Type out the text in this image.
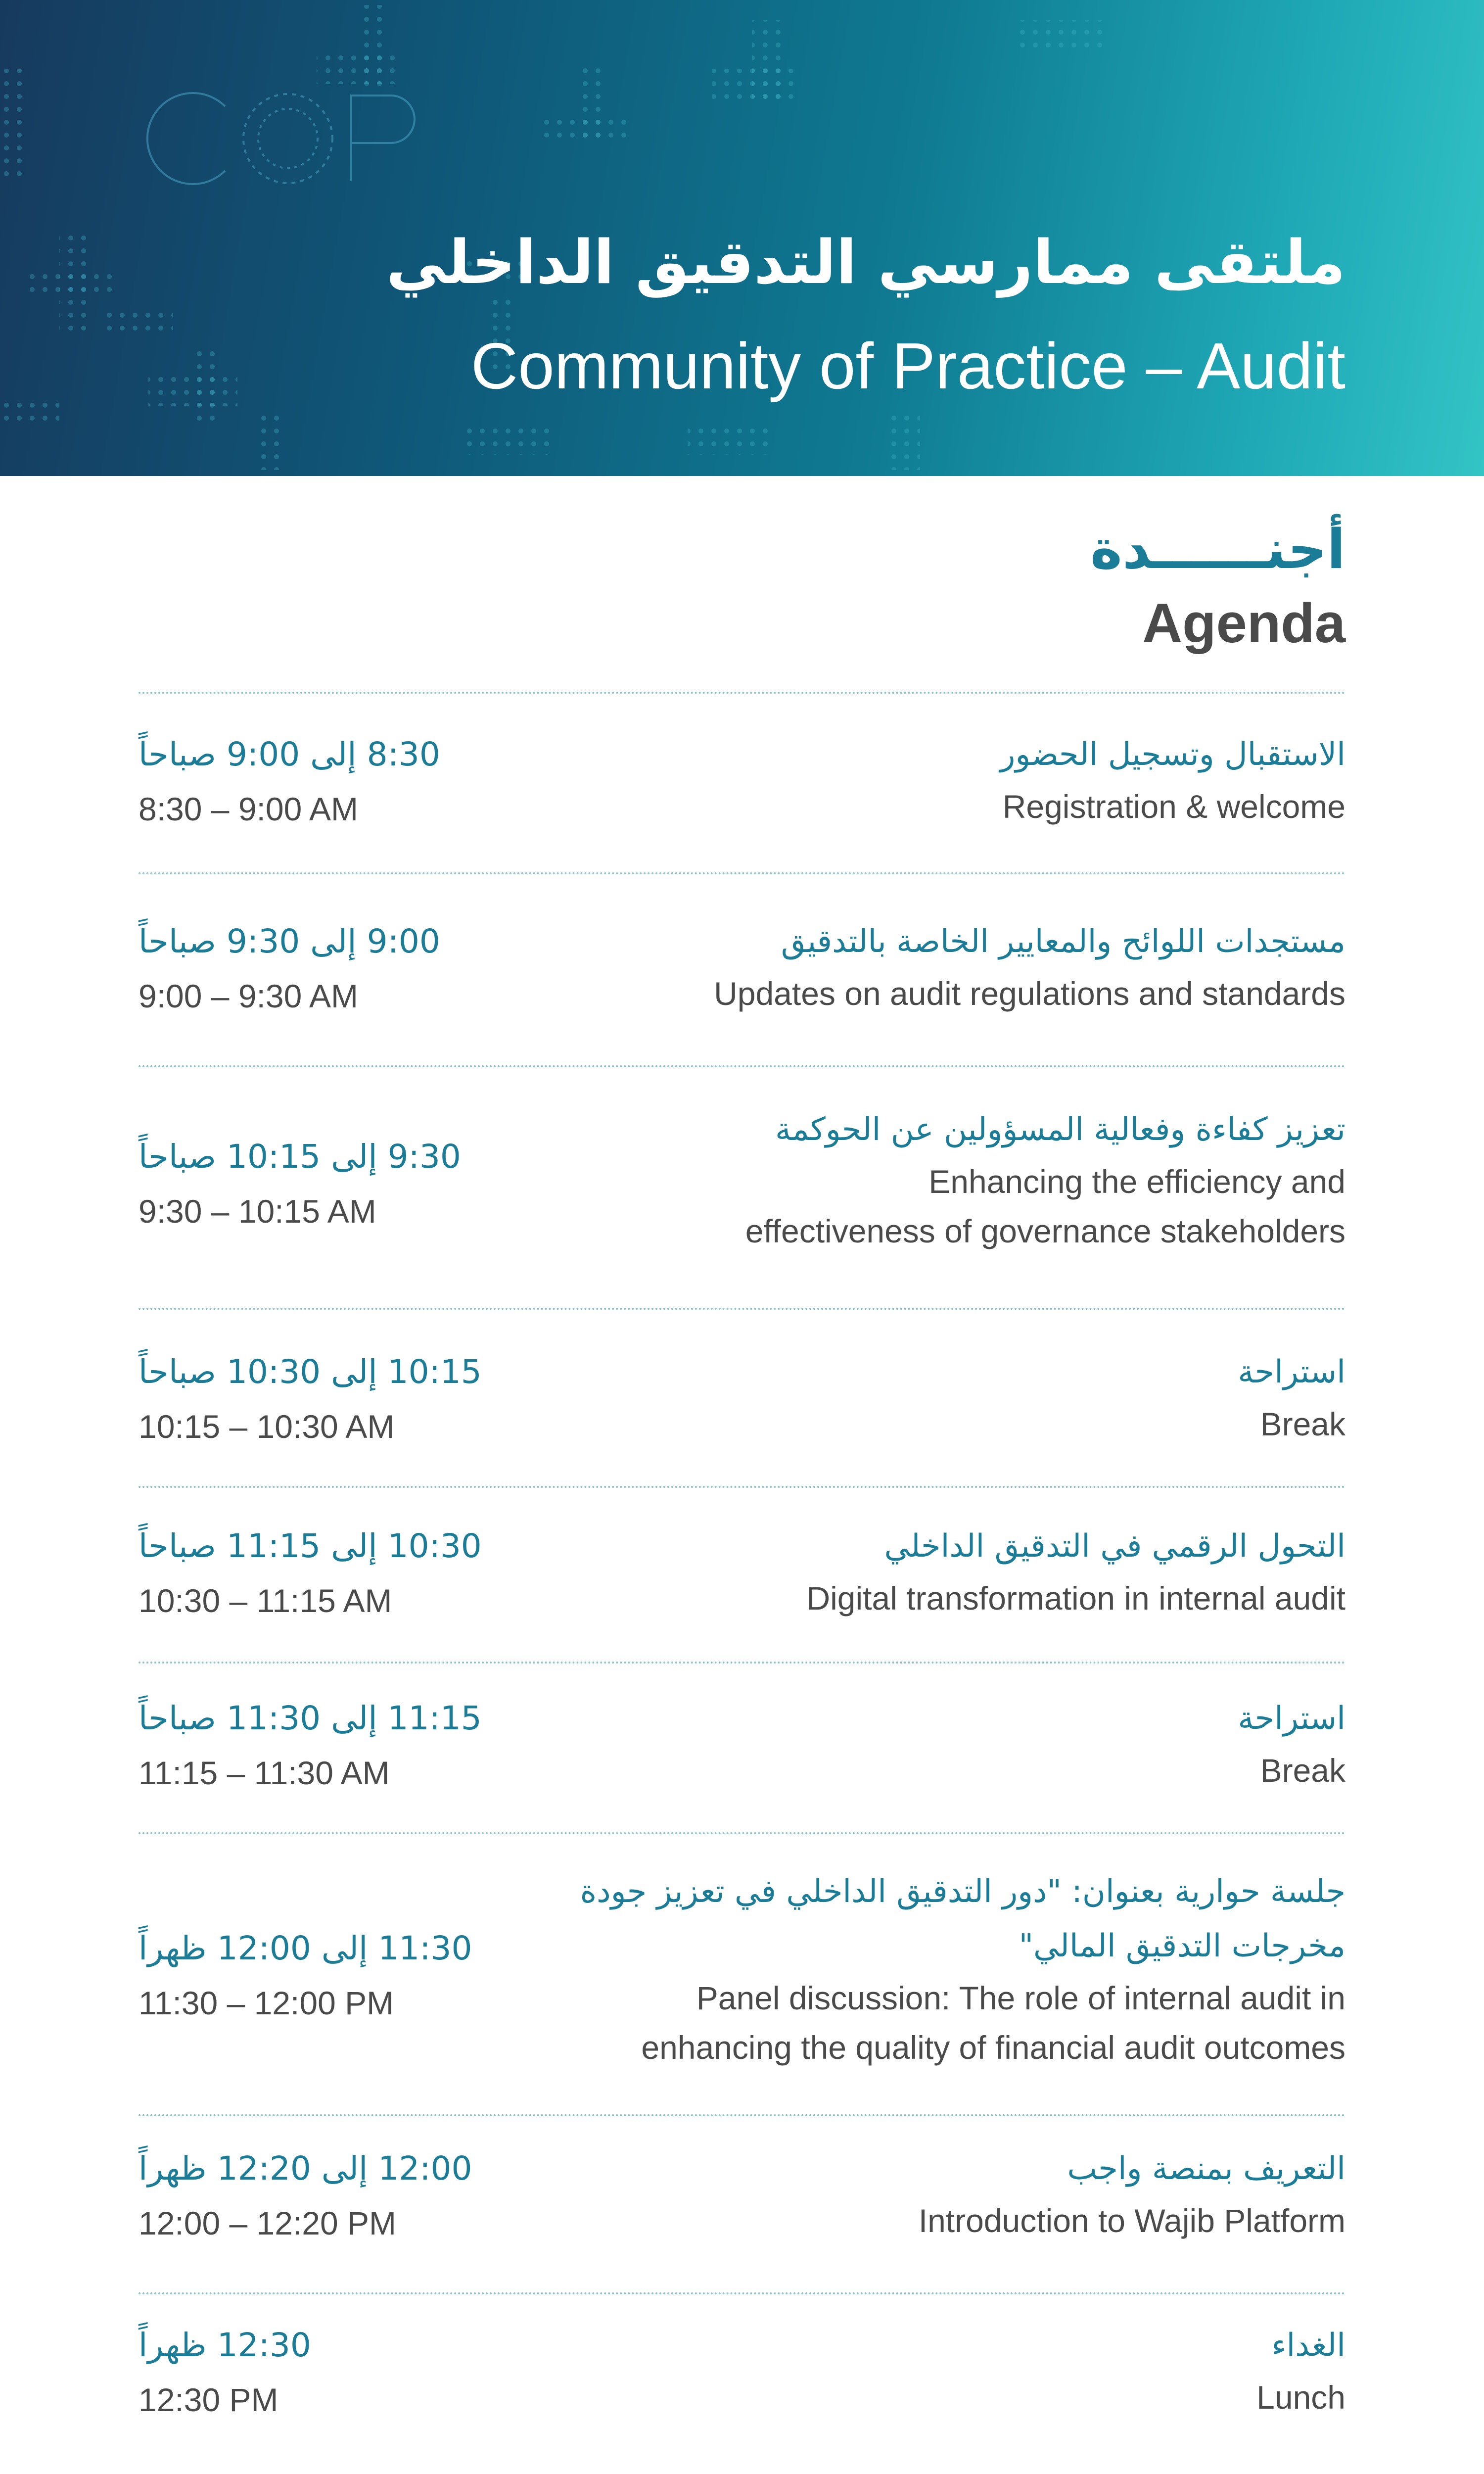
COP
ملتقى ممارسي التدقيق الداخلي
Community of Practice – Audit
أجنــــــدة
Agenda
8:30 إلى 9:00 صباحاً
8:30 – 9:00 AM
الاستقبال وتسجيل الحضور
Registration & welcome
9:00 إلى 9:30 صباحاً
9:00 – 9:30 AM
مستجدات اللوائح والمعايير الخاصة بالتدقيق
Updates on audit regulations and standards
9:30 إلى 10:15 صباحاً
9:30 – 10:15 AM
تعزيز كفاءة وفعالية المسؤولين عن الحوكمة
Enhancing the efficiency and
effectiveness of governance stakeholders
10:15 إلى 10:30 صباحاً
10:15 – 10:30 AM
استراحة
Break
10:30 إلى 11:15 صباحاً
10:30 – 11:15 AM
التحول الرقمي في التدقيق الداخلي
Digital transformation in internal audit
11:15 إلى 11:30 صباحاً
11:15 – 11:30 AM
استراحة
Break
11:30 إلى 12:00 ظهراً
11:30 – 12:00 PM
جلسة حوارية بعنوان: "دور التدقيق الداخلي في تعزيز جودة
مخرجات التدقيق المالي"
Panel discussion: The role of internal audit in
enhancing the quality of financial audit outcomes
12:00 إلى 12:20 ظهراً
12:00 – 12:20 PM
التعريف بمنصة واجب
Introduction to Wajib Platform
12:30 ظهراً
12:30 PM
الغداء
Lunch
